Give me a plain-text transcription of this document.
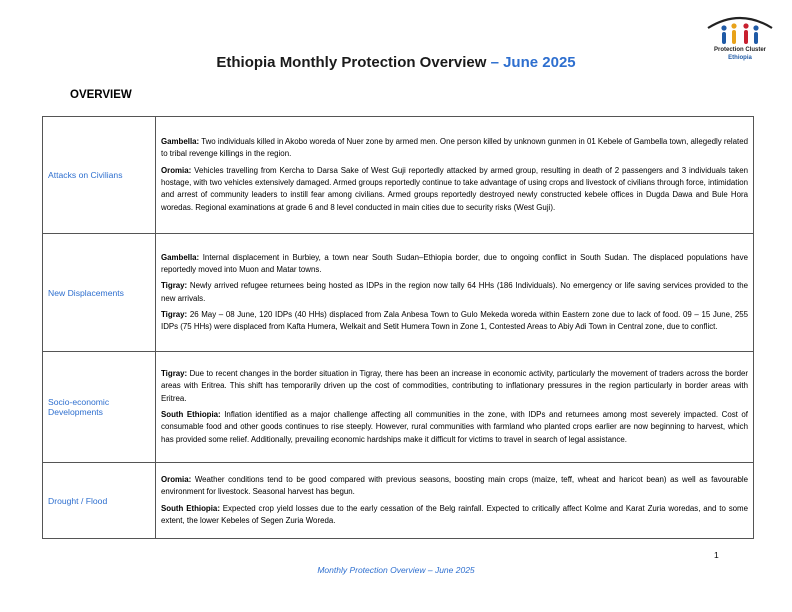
Protection Cluster
Ethiopia
Ethiopia Monthly Protection Overview – June 2025
OVERVIEW
Attacks on Civilians	Gambella: Two individuals killed in Akobo woreda of Nuer zone by armed men. One person killed by unknown gunmen in 01 Kebele of Gambella town, allegedly related to tribal revenge killings in the region.

Oromia: Vehicles travelling from Kercha to Darsa Sake of West Guji reportedly attacked by armed group, resulting in death of 2 passengers and 3 individuals taken hostage, with two vehicles extensively damaged. Armed groups reportedly continue to take advantage of using crops and livestock of civilians through force, intimidation and arrest of community leaders to instill fear among civilians. Armed groups reportedly destroyed newly constructed kebele offices in Dugda Dawa and Bule Hora woredas. Regional examinations at grade 6 and 8 level conducted in main cities due to security risks (West Guji).

New Displacements	Gambella: Internal displacement in Burbiey, a town near South Sudan–Ethiopia border, due to ongoing conflict in South Sudan. The displaced populations have reportedly moved into Muon and Matar towns.

Tigray: Newly arrived refugee returnees being hosted as IDPs in the region now tally 64 HHs (186 Individuals). No emergency or life saving services provided to the new arrivals.

Tigray: 26 May – 08 June, 120 IDPs (40 HHs) displaced from Zala Anbesa Town to Gulo Mekeda woreda within Eastern zone due to lack of food. 09 – 15 June, 255 IDPs (75 HHs) were displaced from Kafta Humera, Welkait and Setit Humera Town in Zone 1, Contested Areas to Abiy Adi Town in Central zone, due to conflict.

Socio-economic Developments	Tigray: Due to recent changes in the border situation in Tigray, there has been an increase in economic activity, particularly the movement of traders across the border areas with Eritrea. This shift has temporarily driven up the cost of commodities, contributing to inflationary pressures in the region particularly in border areas with Eritrea.

South Ethiopia: Inflation identified as a major challenge affecting all communities in the zone, with IDPs and returnees among most severely impacted. Cost of consumable food and other goods continues to rise steeply. However, rural communities with farmland who planted crops earlier are now beginning to harvest, which has provided some relief. Additionally, prevailing economic hardships make it difficult for victims to travel in search of legal assistance.

Drought / Flood	Oromia: Weather conditions tend to be good compared with previous seasons, boosting main crops (maize, teff, wheat and haricot bean) as well as favourable environment for livestock. Seasonal harvest has begun.

South Ethiopia: Expected crop yield losses due to the early cessation of the Belg rainfall. Expected to critically affect Kolme and Karat Zuria woredas, and to some extent, the lower Kebeles of Segen Zuria Woreda.

1
Monthly Protection Overview – June 2025
